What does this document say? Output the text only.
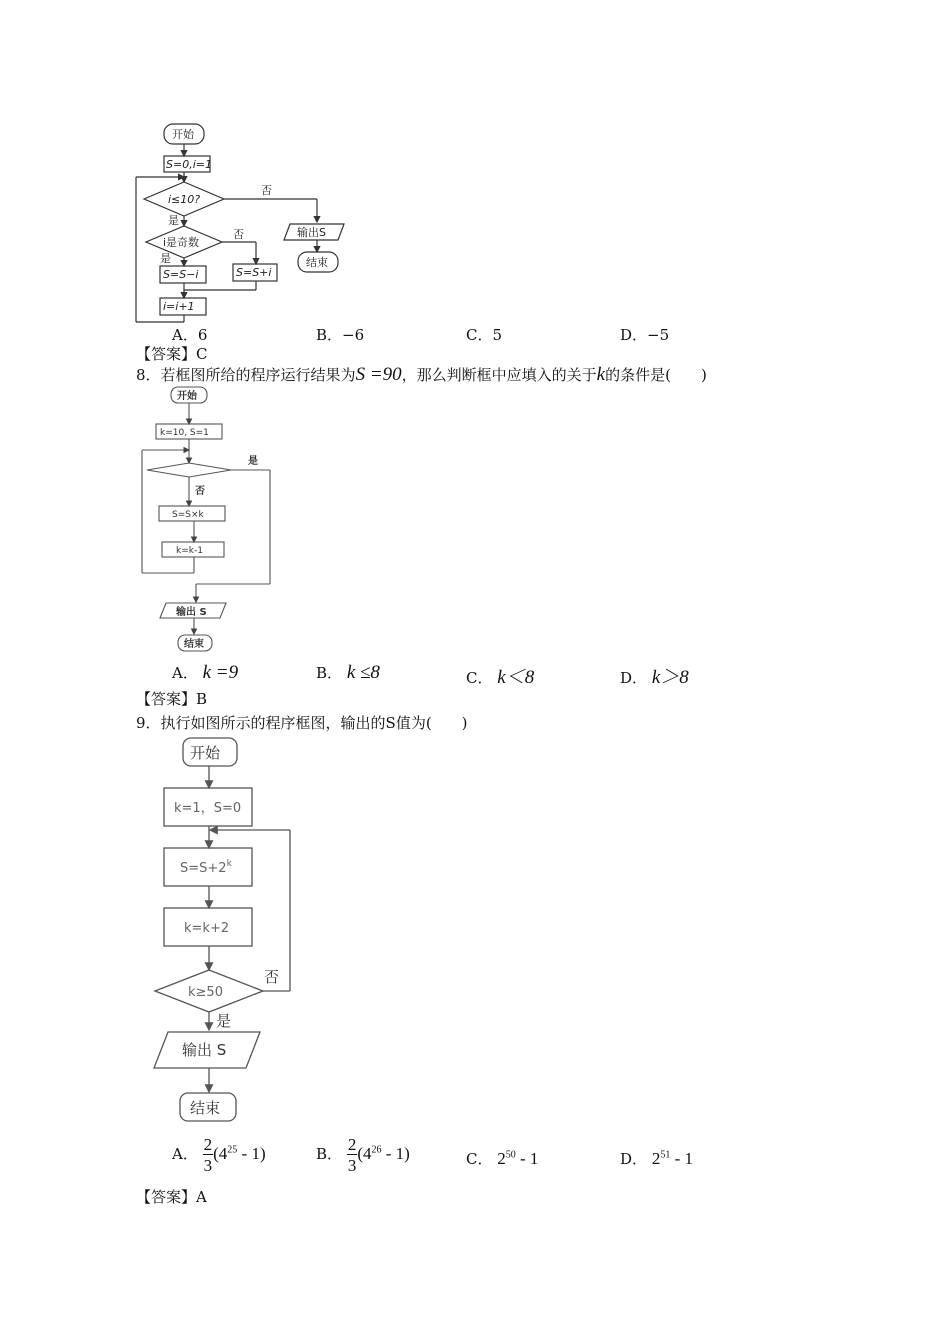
开始
S=0,i=1
i≤10?
否
是
i是奇数
否
是
S=S−i	S=S+i
i=i+1
输出S
结束
A．6	B．−6	C．5	D．−5
【答案】C
8．若框图所给的程序运行结果为S =90，那么判断框中应填入的关于k的条件是(　　)
开始
k=10, S=1
是
否
S=S×k
k=k-1
输出 S
结束
A． k =9	B． k ≤8	C． k＜8	D． k＞8
【答案】B
9．执行如图所示的程序框图，输出的S值为(　　)
开始
k=1，S=0
$S=S+2^k$
k=k+2
k≥50
否
是
输出 S
结束
A． $\frac{2}{3} (4^{25} - 1)$	B． $\frac{2}{3} (4^{26} - 1)$	C． $2^{50} - 1$	D． $2^{51} - 1$
【答案】A
